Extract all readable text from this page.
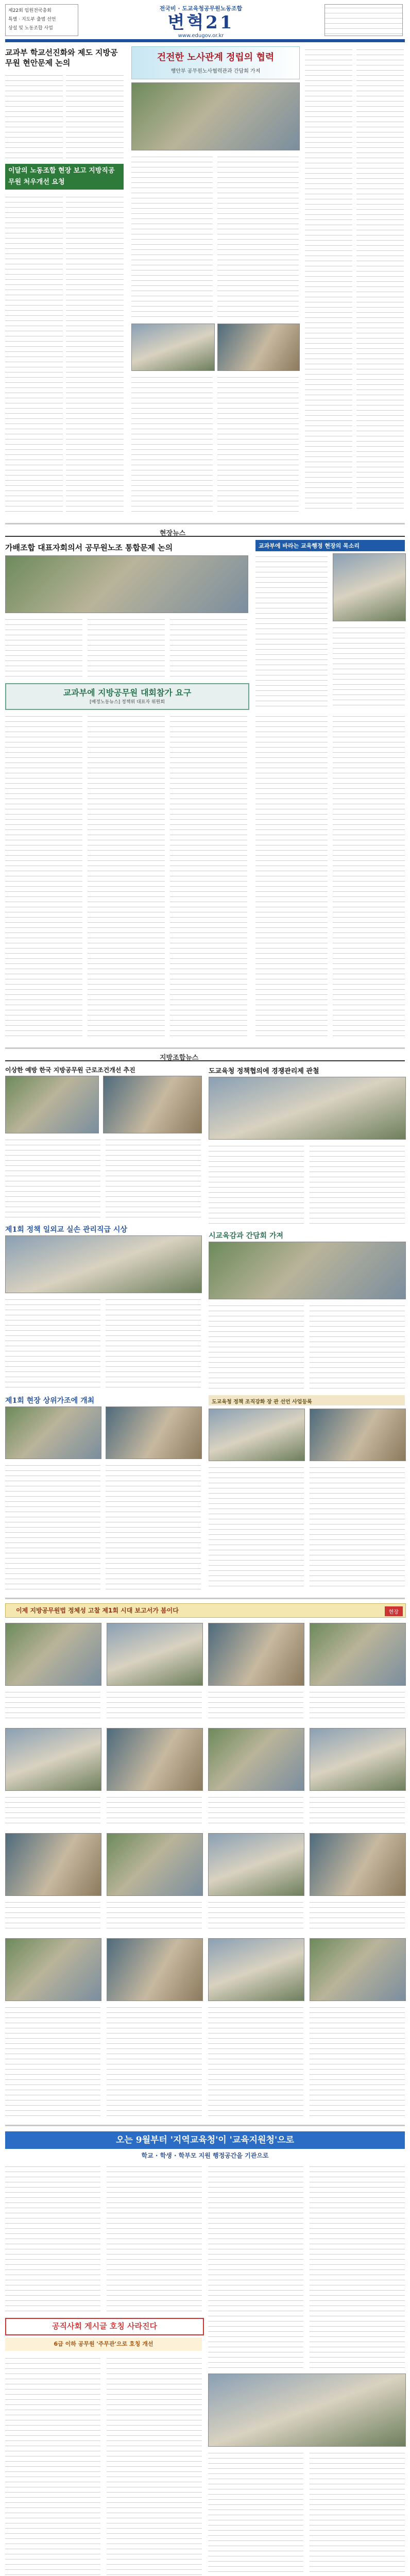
제22회 임원전국총회
특별 · 지도부 출범 선언
상설 및 노동조합 사업
전국비 · 도교육청공무원노동조합
변혁21
www.edugov.or.kr
교과부 학교선진화와 제도 지방공무원 현안문제 논의
이달의 노동조합 현장 보고 지방직공무원 처우개선 요청
건전한 노사관계 정립의 협력
행안부 공무원노사협력관과 간담회 가져
현장뉴스
가배조합 대표자회의서 공무원노조 통합문제 논의
교과부에 지방공무원 대회참가 요구
[배정노동뉴스] 정책위 대표자 위원회
교과부에 바라는 교육행정 현장의 목소리
지방조합뉴스
이상한 예방 한국 지방공무원 근로조건개선 추진
제1회 정책 일외교 실손 관리직급 시상
제1회 현장 상위가조에 개최
도교육청 정책협의에 경쟁관리제 관철
시교육감과 간담회 가져
도교육청 정책 조직강화 장 관 선언 사업등록
이제 지방공무원법 정체성 고찰 제1회 시대 보고서가 봄이다	현장
오는 9월부터 '지역교육청'이 '교육지원청'으로
학교 · 학생 · 학부모 지원 행정공간을 기관으로
공직사회 게시글 호칭 사라진다
6급 이하 공무원 '주무관'으로 호칭 개선
